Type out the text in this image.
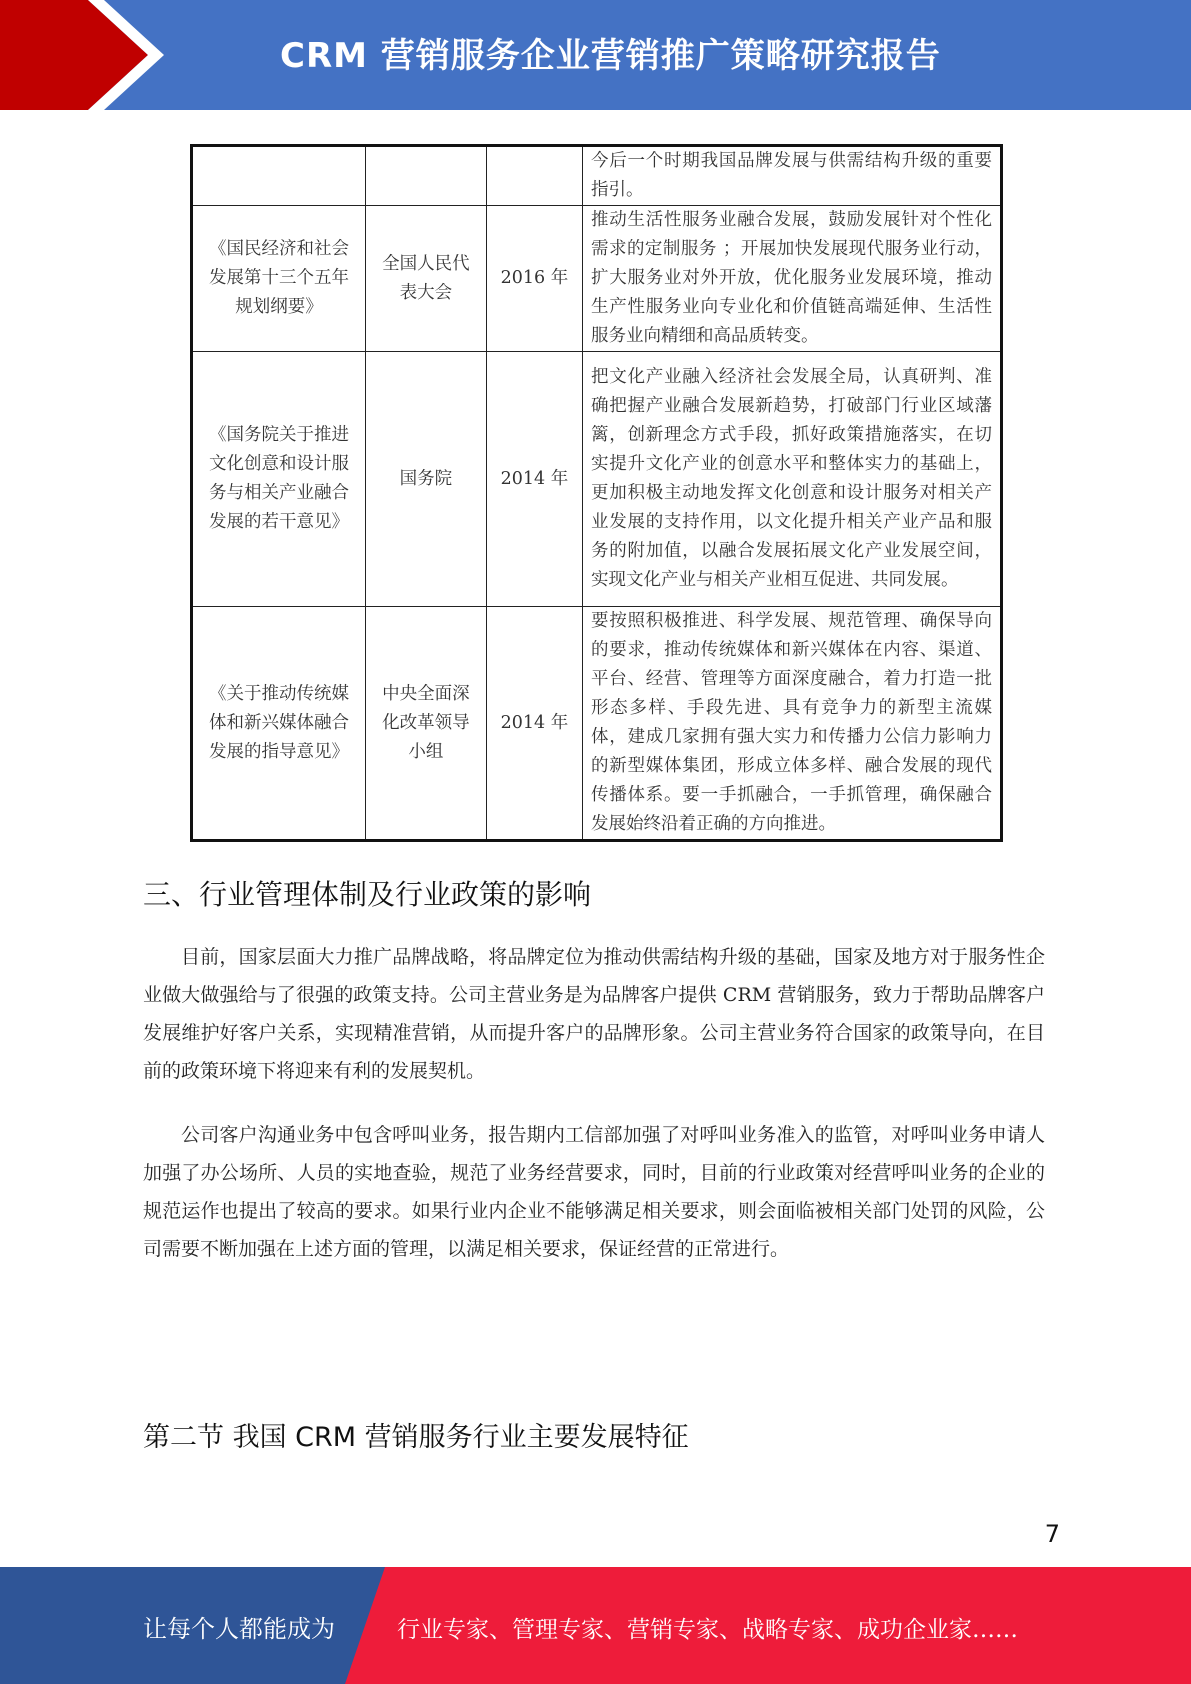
CRM 营销服务企业营销推广策略研究报告
			今后一个时期我国品牌发展与供需结构升级的重要指引。
《国民经济和社会发展第十三个五年规划纲要》	全国人民代表大会	2016 年	推动生活性服务业融合发展，鼓励发展针对个性化需求的定制服务 ；开展加快发展现代服务业行动，扩大服务业对外开放，优化服务业发展环境，推动生产性服务业向专业化和价值链高端延伸、生活性服务业向精细和高品质转变。
《国务院关于推进文化创意和设计服务与相关产业融合发展的若干意见》	国务院	2014 年	把文化产业融入经济社会发展全局，认真研判、准确把握产业融合发展新趋势，打破部门行业区域藩篱，创新理念方式手段，抓好政策措施落实，在切实提升文化产业的创意水平和整体实力的基础上，更加积极主动地发挥文化创意和设计服务对相关产业发展的支持作用，以文化提升相关产业产品和服务的附加值，以融合发展拓展文化产业发展空间，实现文化产业与相关产业相互促进、共同发展。
《关于推动传统媒体和新兴媒体融合发展的指导意见》	中央全面深化改革领导小组	2014 年	要按照积极推进、科学发展、规范管理、确保导向的要求，推动传统媒体和新兴媒体在内容、渠道、平台、经营、管理等方面深度融合，着力打造一批形态多样、手段先进、具有竞争力的新型主流媒体，建成几家拥有强大实力和传播力公信力影响力的新型媒体集团，形成立体多样、融合发展的现代传播体系。要一手抓融合，一手抓管理，确保融合发展始终沿着正确的方向推进。
三、行业管理体制及行业政策的影响

目前，国家层面大力推广品牌战略，将品牌定位为推动供需结构升级的基础，国家及地方对于服务性企业做大做强给与了很强的政策支持。公司主营业务是为品牌客户提供 CRM 营销服务，致力于帮助品牌客户发展维护好客户关系，实现精准营销，从而提升客户的品牌形象。公司主营业务符合国家的政策导向，在目前的政策环境下将迎来有利的发展契机。

公司客户沟通业务中包含呼叫业务，报告期内工信部加强了对呼叫业务准入的监管，对呼叫业务申请人加强了办公场所、人员的实地查验，规范了业务经营要求，同时，目前的行业政策对经营呼叫业务的企业的规范运作也提出了较高的要求。如果行业内企业不能够满足相关要求，则会面临被相关部门处罚的风险，公司需要不断加强在上述方面的管理，以满足相关要求，保证经营的正常进行。

第二节 我国 CRM 营销服务行业主要发展特征
7
让每个人都能成为	行业专家、管理专家、营销专家、战略专家、成功企业家……
